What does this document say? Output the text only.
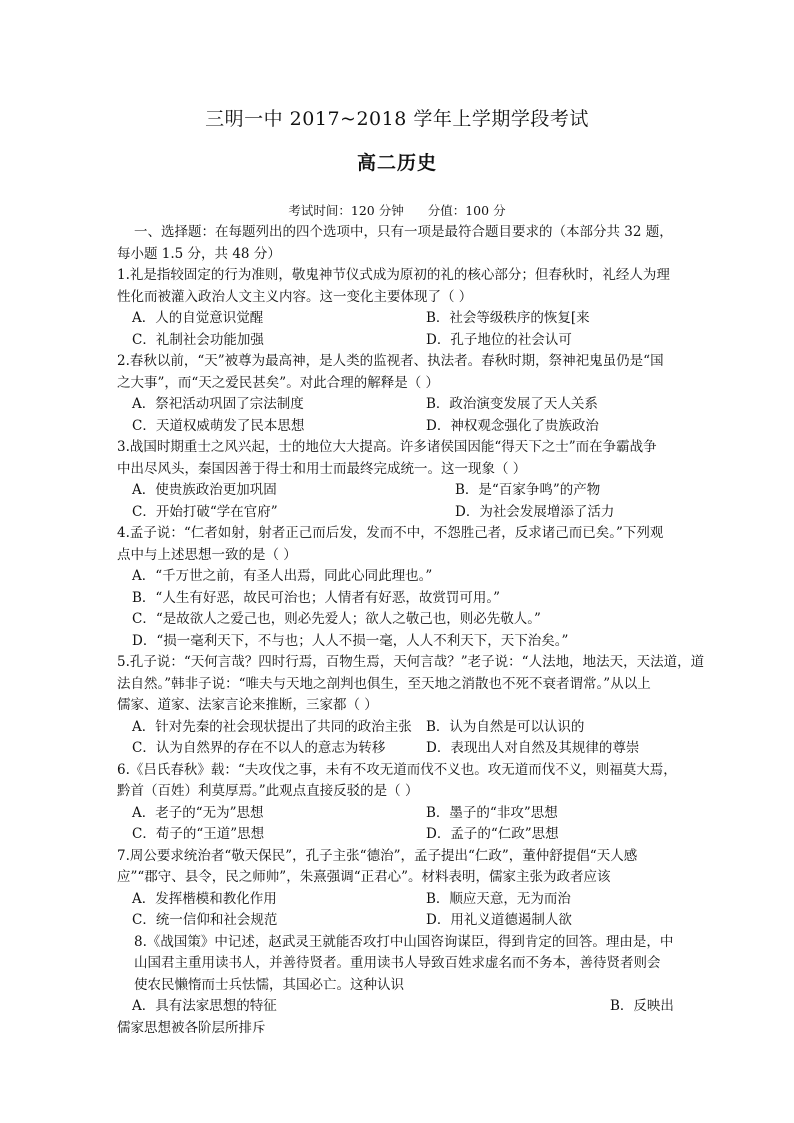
三明一中 2017~2018 学年上学期学段考试
高二历史
考试时间：120 分钟 分值：100 分
一、选择题：在每题列出的四个选项中，只有一项是最符合题目要求的（本部分共 32 题，
每小题 1.5 分，共 48 分）
1.礼是指较固定的行为准则，敬鬼神节仪式成为原初的礼的核心部分；但春秋时，礼经人为理
性化而被灌入政治人文主义内容。这一变化主要体现了（ ）
A．人的自觉意识觉醒	B．社会等级秩序的恢复[来
C．礼制社会功能加强	D．孔子地位的社会认可
2.春秋以前，“天”被尊为最高神，是人类的监视者、执法者。春秋时期，祭神祀鬼虽仍是“国
之大事”，而“天之爱民甚矣”。对此合理的解释是（ ）
A．祭祀活动巩固了宗法制度	B．政治演变发展了天人关系
C．天道权威萌发了民本思想	D．神权观念强化了贵族政治
3.战国时期重士之风兴起，士的地位大大提高。许多诸侯国因能“得天下之士”而在争霸战争
中出尽风头，秦国因善于得士和用士而最终完成统一。这一现象（ ）
A．使贵族政治更加巩固	B．是“百家争鸣”的产物
C．开始打破“学在官府”	D．为社会发展增添了活力
4.孟子说：“仁者如射，射者正己而后发，发而不中，不怨胜己者，反求诸己而已矣。”下列观
点中与上述思想一致的是（ ）
A．“千万世之前，有圣人出焉，同此心同此理也。”
B．“人生有好恶，故民可治也；人情者有好恶，故赏罚可用。”
C．“是故欲人之爱己也，则必先爱人；欲人之敬己也，则必先敬人。”
D．“损一毫利天下，不与也；人人不损一毫，人人不利天下，天下治矣。”
5.孔子说：“天何言哉？四时行焉，百物生焉，天何言哉？”老子说：“人法地，地法天，天法道，道
法自然。”韩非子说：“唯夫与天地之剖判也俱生，至天地之消散也不死不衰者谓常。”从以上
儒家、道家、法家言论来推断，三家都（ ）
A．针对先秦的社会现状提出了共同的政治主张 B．认为自然是可以认识的
C．认为自然界的存在不以人的意志为转移	D．表现出人对自然及其规律的尊崇
6.《吕氏春秋》载：“夫攻伐之事，未有不攻无道而伐不义也。攻无道而伐不义，则福莫大焉，
黔首（百姓）利莫厚焉。”此观点直接反驳的是（ ）
A．老子的“无为”思想	B．墨子的“非攻”思想
C．荀子的“王道”思想	D．孟子的“仁政”思想
7.周公要求统治者“敬天保民”，孔子主张“德治”，孟子提出“仁政”，董仲舒提倡“天人感
应”“郡守、县令，民之师帅”，朱熹强调“正君心”。材料表明，儒家主张为政者应该
A．发挥楷模和教化作用	B．顺应天意，无为而治
C．统一信仰和社会规范	D．用礼义道德遏制人欲
8.《战国策》中记述，赵武灵王就能否攻打中山国咨询谋臣，得到肯定的回答。理由是，中
山国君主重用读书人，并善待贤者。重用读书人导致百姓求虚名而不务本，善待贤者则会
使农民懒惰而士兵怯懦，其国必亡。这种认识
A．具有法家思想的特征	B．反映出
儒家思想被各阶层所排斥
